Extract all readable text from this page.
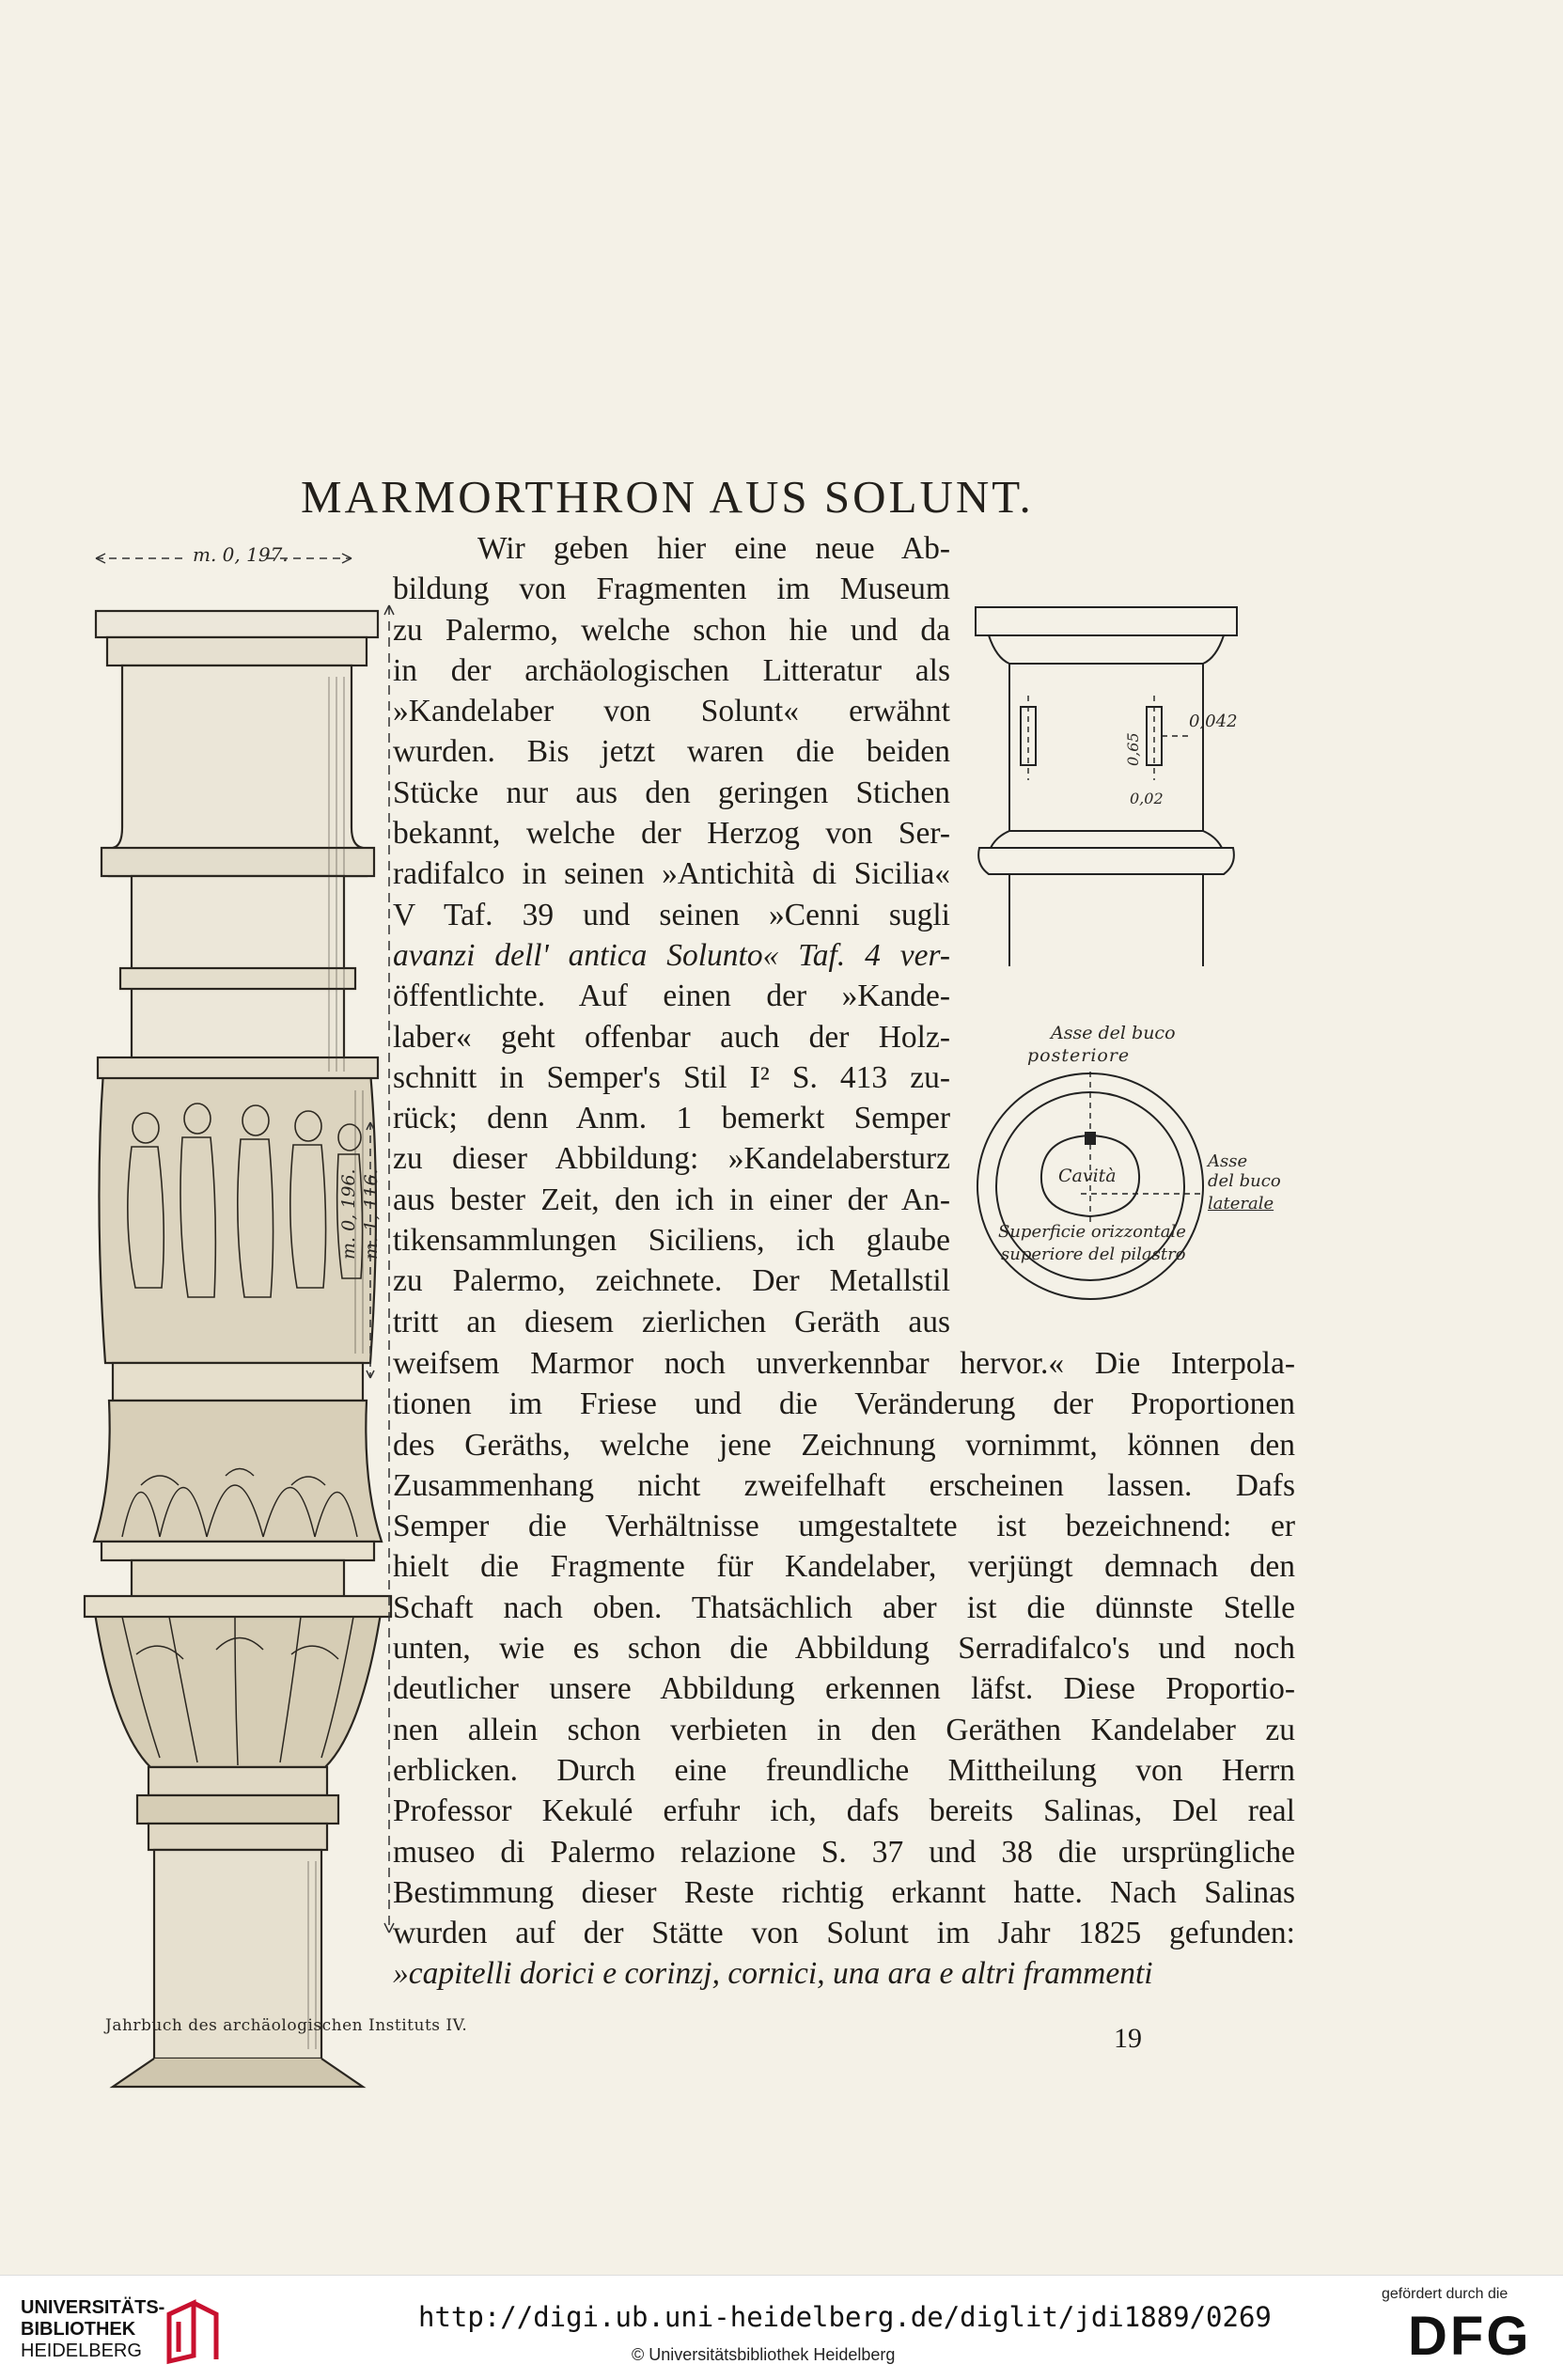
MARMORTHRON AUS SOLUNT.
m. 0, 197.
m. 0, 196. m. 1, 116.
0,042
0,65
0,02
Asse del buco
posteriore
Cavità
Asse
del buco
laterale
Superficie orizzontale
superiore del pilastro
Wir geben hier eine neue Ab-
bildung von Fragmenten im Museum
zu Palermo, welche schon hie und da
in der archäologischen Litteratur als
»Kandelaber von Solunt« erwähnt
wurden. Bis jetzt waren die beiden
Stücke nur aus den geringen Stichen
bekannt, welche der Herzog von Ser-
radifalco in seinen »Antichità di Sicilia«
V Taf. 39 und seinen »Cenni sugli
avanzi dell' antica Solunto« Taf. 4 ver-
öffentlichte. Auf einen der »Kande-
laber« geht offenbar auch der Holz-
schnitt in Semper's Stil I² S. 413 zu-
rück; denn Anm. 1 bemerkt Semper
zu dieser Abbildung: »Kandelabersturz
aus bester Zeit, den ich in einer der An-
tikensammlungen Siciliens, ich glaube
zu Palermo, zeichnete. Der Metallstil
tritt an diesem zierlichen Geräth aus
weifsem Marmor noch unverkennbar hervor.« Die Interpola-
tionen im Friese und die Veränderung der Proportionen
des Geräths, welche jene Zeichnung vornimmt, können den
Zusammenhang nicht zweifelhaft erscheinen lassen. Dafs
Semper die Verhältnisse umgestaltete ist bezeichnend: er
hielt die Fragmente für Kandelaber, verjüngt demnach den
Schaft nach oben. Thatsächlich aber ist die dünnste Stelle
unten, wie es schon die Abbildung Serradifalco's und noch
deutlicher unsere Abbildung erkennen läfst. Diese Proportio-
nen allein schon verbieten in den Geräthen Kandelaber zu
erblicken. Durch eine freundliche Mittheilung von Herrn
Professor Kekulé erfuhr ich, dafs bereits Salinas, Del real
museo di Palermo relazione S. 37 und 38 die ursprüngliche
Bestimmung dieser Reste richtig erkannt hatte. Nach Salinas
wurden auf der Stätte von Solunt im Jahr 1825 gefunden:
»capitelli dorici e corinzj, cornici, una ara e altri frammenti
Jahrbuch des archäologischen Instituts IV.	19
UNIVERSITÄTS-
BIBLIOTHEK
HEIDELBERG
http://digi.ub.uni-heidelberg.de/diglit/jdi1889/0269
© Universitätsbibliothek Heidelberg
gefördert durch die
DFG
